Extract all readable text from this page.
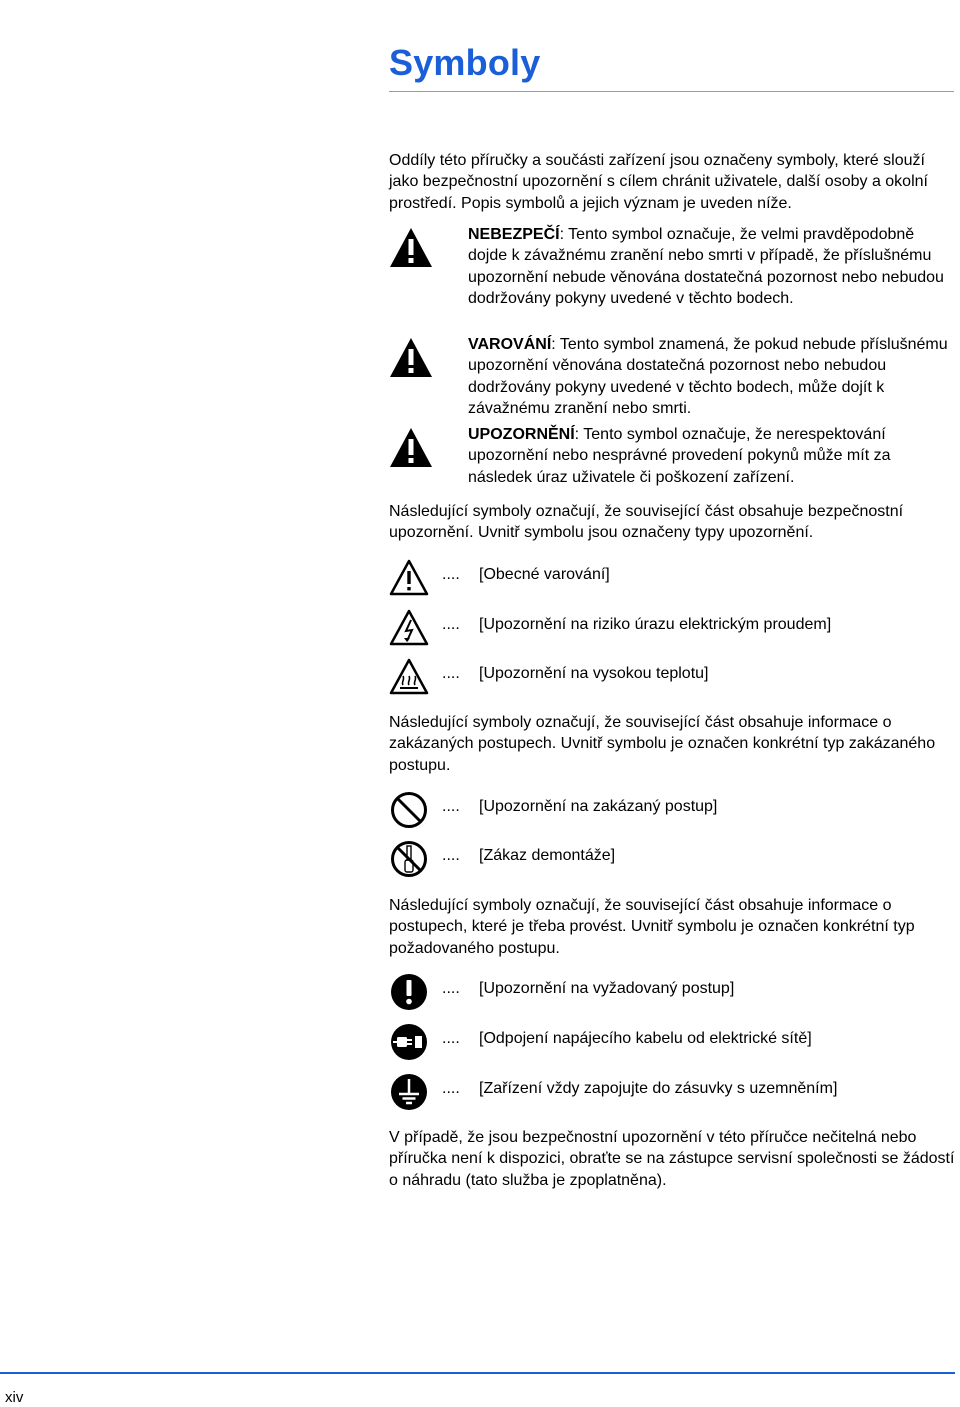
Symboly
Oddíly této příručky a součásti zařízení jsou označeny symboly, které slouží jako bezpečnostní upozornění s cílem chránit uživatele, další osoby a okolní prostředí. Popis symbolů a jejich význam je uveden níže.
NEBEZPEČÍ: Tento symbol označuje, že velmi pravděpodobně dojde k závažnému zranění nebo smrti v případě, že příslušnému upozornění nebude věnována dostatečná pozornost nebo nebudou dodržovány pokyny uvedené v těchto bodech.
VAROVÁNÍ: Tento symbol znamená, že pokud nebude příslušnému upozornění věnována dostatečná pozornost nebo nebudou dodržovány pokyny uvedené v těchto bodech, může dojít k závažnému zranění nebo smrti.
UPOZORNĚNÍ: Tento symbol označuje, že nerespektování upozornění nebo nesprávné provedení pokynů může mít za následek úraz uživatele či poškození zařízení.
Následující symboly označují, že související část obsahuje bezpečnostní upozornění. Uvnitř symbolu jsou označeny typy upozornění.
.... [Obecné varování]
.... [Upozornění na riziko úrazu elektrickým proudem]
.... [Upozornění na vysokou teplotu]
Následující symboly označují, že související část obsahuje informace o zakázaných postupech. Uvnitř symbolu je označen konkrétní typ zakázaného postupu.
.... [Upozornění na zakázaný postup]
.... [Zákaz demontáže]
Následující symboly označují, že související část obsahuje informace o postupech, které je třeba provést. Uvnitř symbolu je označen konkrétní typ požadovaného postupu.
.... [Upozornění na vyžadovaný postup]
.... [Odpojení napájecího kabelu od elektrické sítě]
.... [Zařízení vždy zapojujte do zásuvky s uzemněním]
V případě, že jsou bezpečnostní upozornění v této příručce nečitelná nebo příručka není k dispozici, obraťte se na zástupce servisní společnosti se žádostí o náhradu (tato služba je zpoplatněna).
xiv
